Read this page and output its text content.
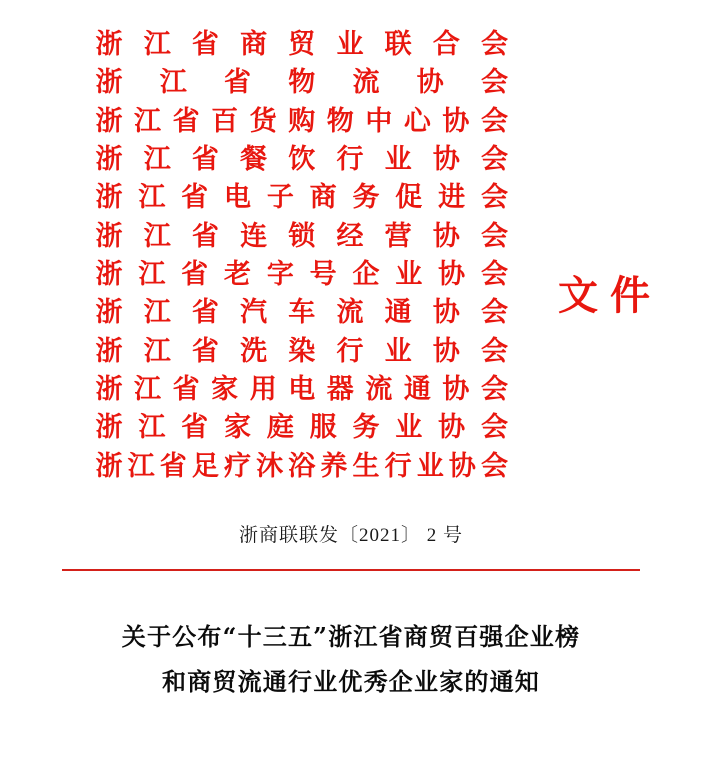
浙 江 省 商 贸 业 联 合 会
浙 江 省 物 流 协 会
浙 江 省 百 货 购 物 中 心 协 会
浙 江 省 餐 饮 行 业 协 会
浙 江 省 电 子 商 务 促 进 会
浙 江 省 连 锁 经 营 协 会
浙 江 省 老 字 号 企 业 协 会
浙 江 省 汽 车 流 通 协 会
浙 江 省 洗 染 行 业 协 会
浙 江 省 家 用 电 器 流 通 协 会
浙 江 省 家 庭 服 务 业 协 会
浙 江 省 足 疗 沐 浴 养 生 行 业 协 会
文件
浙商联联发〔2021〕 2 号
关于公布“十三五”浙江省商贸百强企业榜
和商贸流通行业优秀企业家的通知
